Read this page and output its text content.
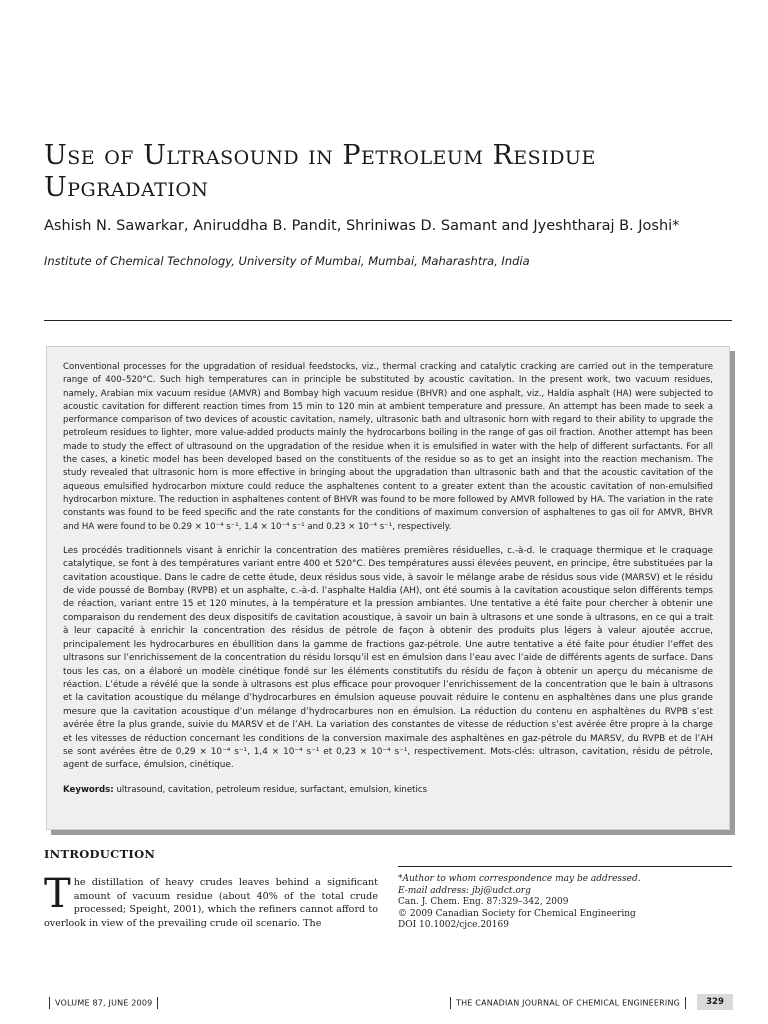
Use of Ultrasound in Petroleum Residue Upgradation
Ashish N. Sawarkar, Aniruddha B. Pandit, Shriniwas D. Samant and Jyeshtharaj B. Joshi*
Institute of Chemical Technology, University of Mumbai, Mumbai, Maharashtra, India

Conventional processes for the upgradation of residual feedstocks, viz., thermal cracking and catalytic cracking are carried out in the temperature range of 400–520°C. Such high temperatures can in principle be substituted by acoustic cavitation. In the present work, two vacuum residues, namely, Arabian mix vacuum residue (AMVR) and Bombay high vacuum residue (BHVR) and one asphalt, viz., Haldia asphalt (HA) were subjected to acoustic cavitation for different reaction times from 15 min to 120 min at ambient temperature and pressure. An attempt has been made to seek a performance comparison of two devices of acoustic cavitation, namely, ultrasonic bath and ultrasonic horn with regard to their ability to upgrade the petroleum residues to lighter, more value-added products mainly the hydrocarbons boiling in the range of gas oil fraction. Another attempt has been made to study the effect of ultrasound on the upgradation of the residue when it is emulsified in water with the help of different surfactants. For all the cases, a kinetic model has been developed based on the constituents of the residue so as to get an insight into the reaction mechanism. The study revealed that ultrasonic horn is more effective in bringing about the upgradation than ultrasonic bath and that the acoustic cavitation of the aqueous emulsified hydrocarbon mixture could reduce the asphaltenes content to a greater extent than the acoustic cavitation of non-emulsified hydrocarbon mixture. The reduction in asphaltenes content of BHVR was found to be more followed by AMVR followed by HA. The variation in the rate constants was found to be feed specific and the rate constants for the conditions of maximum conversion of asphaltenes to gas oil for AMVR, BHVR and HA were found to be 0.29 × 10⁻⁴ s⁻¹, 1.4 × 10⁻⁴ s⁻¹ and 0.23 × 10⁻⁴ s⁻¹, respectively.

Les procédés traditionnels visant à enrichir la concentration des matières premières résiduelles, c.-à-d. le craquage thermique et le craquage catalytique, se font à des températures variant entre 400 et 520°C. Des températures aussi élevées peuvent, en principe, être substituées par la cavitation acoustique. Dans le cadre de cette étude, deux résidus sous vide, à savoir le mélange arabe de résidus sous vide (MARSV) et le résidu de vide poussé de Bombay (RVPB) et un asphalte, c.-à-d. l’asphalte Haldia (AH), ont été soumis à la cavitation acoustique selon différents temps de réaction, variant entre 15 et 120 minutes, à la température et la pression ambiantes. Une tentative a été faite pour chercher à obtenir une comparaison du rendement des deux dispositifs de cavitation acoustique, à savoir un bain à ultrasons et une sonde à ultrasons, en ce qui a trait à leur capacité à enrichir la concentration des résidus de pétrole de façon à obtenir des produits plus légers à valeur ajoutée accrue, principalement les hydrocarbures en ébullition dans la gamme de fractions gaz-pétrole. Une autre tentative a été faite pour étudier l’effet des ultrasons sur l’enrichissement de la concentration du résidu lorsqu’il est en émulsion dans l’eau avec l’aide de différents agents de surface. Dans tous les cas, on a élaboré un modèle cinétique fondé sur les éléments constitutifs du résidu de façon à obtenir un aperçu du mécanisme de réaction. L’étude a révélé que la sonde à ultrasons est plus efficace pour provoquer l’enrichissement de la concentration que le bain à ultrasons et la cavitation acoustique du mélange d’hydrocarbures en émulsion aqueuse pouvait réduire le contenu en asphaltènes dans une plus grande mesure que la cavitation acoustique d’un mélange d’hydrocarbures non en émulsion. La réduction du contenu en asphaltènes du RVPB s’est avérée être la plus grande, suivie du MARSV et de l’AH. La variation des constantes de vitesse de réduction s’est avérée être propre à la charge et les vitesses de réduction concernant les conditions de la conversion maximale des asphaltènes en gaz-pétrole du MARSV, du RVPB et de l’AH se sont avérées être de 0,29 × 10⁻⁴ s⁻¹, 1,4 × 10⁻⁴ s⁻¹ et 0,23 × 10⁻⁴ s⁻¹, respectivement. Mots-clés: ultrason, cavitation, résidu de pétrole, agent de surface, émulsion, cinétique.

Keywords: ultrasound, cavitation, petroleum residue, surfactant, emulsion, kinetics

INTRODUCTION

T he distillation of heavy crudes leaves behind a significant amount of vacuum residue (about 40% of the total crude processed; Speight, 2001), which the refiners cannot afford to overlook in view of the prevailing crude oil scenario. The

*Author to whom correspondence may be addressed.
E-mail address: jbj@udct.org
Can. J. Chem. Eng. 87:329–342, 2009
© 2009 Canadian Society for Chemical Engineering
DOI 10.1002/cjce.20169
VOLUME 87, JUNE 2009	THE CANADIAN JOURNAL OF CHEMICAL ENGINEERING	329
